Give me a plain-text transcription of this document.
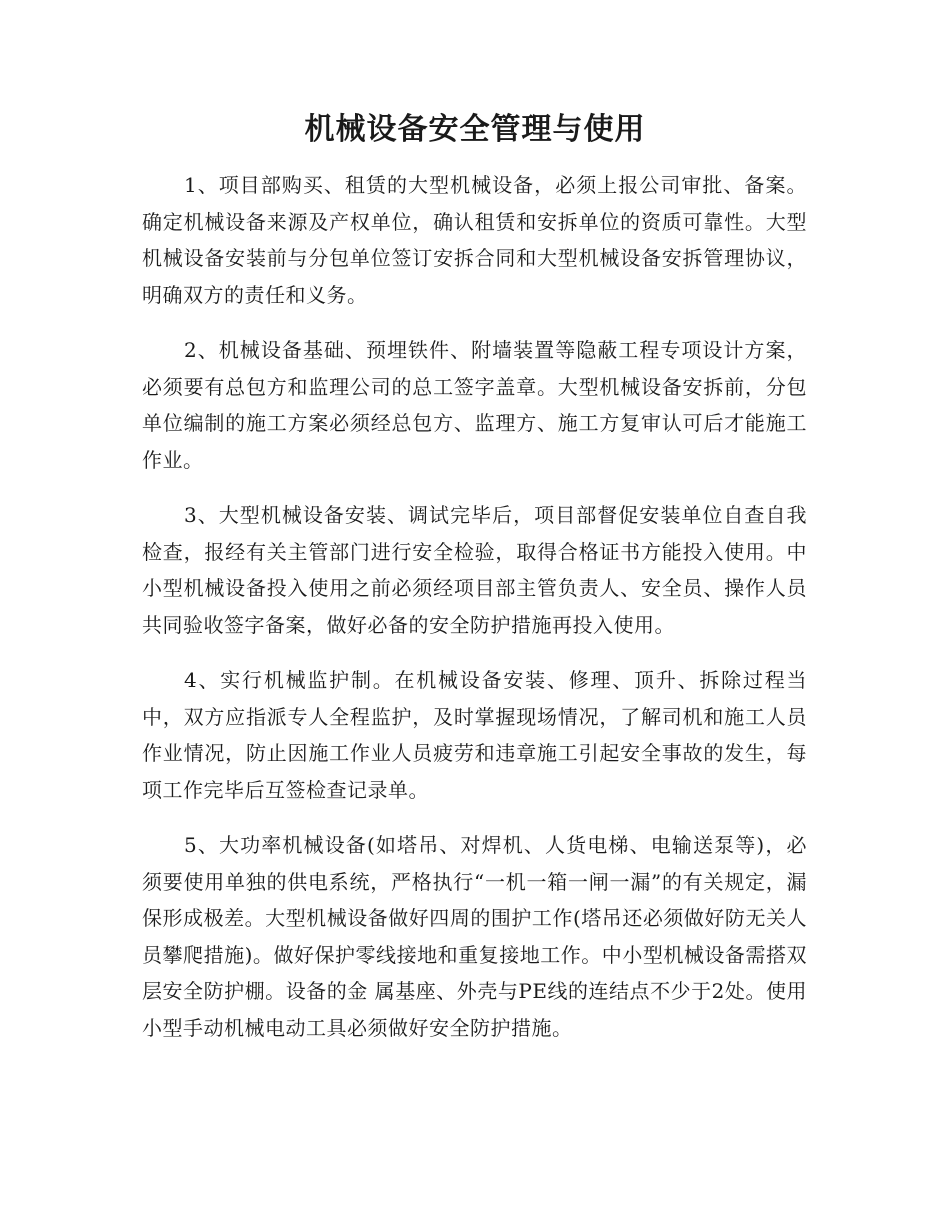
机械设备安全管理与使用

1、项目部购买、租赁的大型机械设备，必须上报公司审批、备案。确定机械设备来源及产权单位，确认租赁和安拆单位的资质可靠性。大型机械设备安装前与分包单位签订安拆合同和大型机械设备安拆管理协议，明确双方的责任和义务。

2、机械设备基础、预埋铁件、附墙装置等隐蔽工程专项设计方案，必须要有总包方和监理公司的总工签字盖章。大型机械设备安拆前，分包单位编制的施工方案必须经总包方、监理方、施工方复审认可后才能施工作业。

3、大型机械设备安装、调试完毕后，项目部督促安装单位自查自我检查，报经有关主管部门进行安全检验，取得合格证书方能投入使用。中小型机械设备投入使用之前必须经项目部主管负责人、安全员、操作人员共同验收签字备案，做好必备的安全防护措施再投入使用。

4、实行机械监护制。在机械设备安装、修理、顶升、拆除过程当中，双方应指派专人全程监护，及时掌握现场情况，了解司机和施工人员作业情况，防止因施工作业人员疲劳和违章施工引起安全事故的发生，每项工作完毕后互签检查记录单。

5、大功率机械设备(如塔吊、对焊机、人货电梯、电输送泵等)，必须要使用单独的供电系统，严格执行“一机一箱一闸一漏”的有关规定，漏保形成极差。大型机械设备做好四周的围护工作(塔吊还必须做好防无关人员攀爬措施)。做好保护零线接地和重复接地工作。中小型机械设备需搭双层安全防护棚。设备的金 属基座、外壳与PE线的连结点不少于2处。使用小型手动机械电动工具必须做好安全防护措施。
